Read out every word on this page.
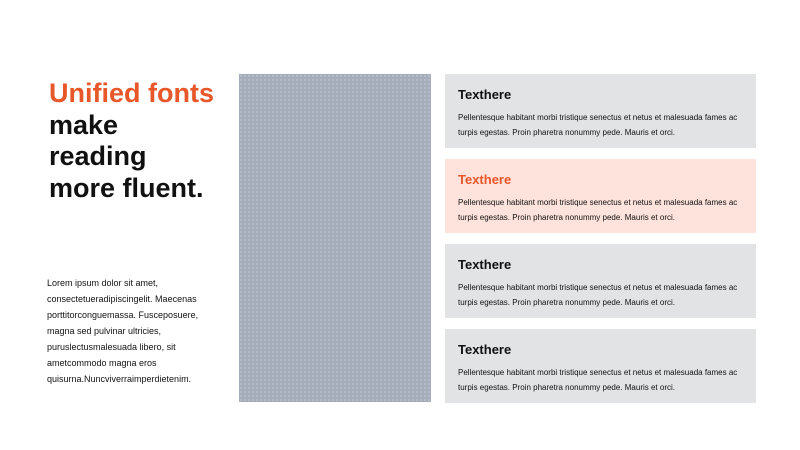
Unified fonts
make
reading
more fluent.

Lorem ipsum dolor sit amet,
consectetueradipiscingelit. Maecenas
porttitorconguemassa. Fusceposuere,
magna sed pulvinar ultricies,
puruslectusmalesuada libero, sit
ametcommodo magna eros
quisurna.Nuncviverraimperdietenim.

Texthere
Pellentesque habitant morbi tristique senectus et netus et malesuada fames ac turpis egestas. Proin pharetra nonummy pede. Mauris et orci.
Texthere
Pellentesque habitant morbi tristique senectus et netus et malesuada fames ac turpis egestas. Proin pharetra nonummy pede. Mauris et orci.
Texthere
Pellentesque habitant morbi tristique senectus et netus et malesuada fames ac turpis egestas. Proin pharetra nonummy pede. Mauris et orci.
Texthere
Pellentesque habitant morbi tristique senectus et netus et malesuada fames ac turpis egestas. Proin pharetra nonummy pede. Mauris et orci.
